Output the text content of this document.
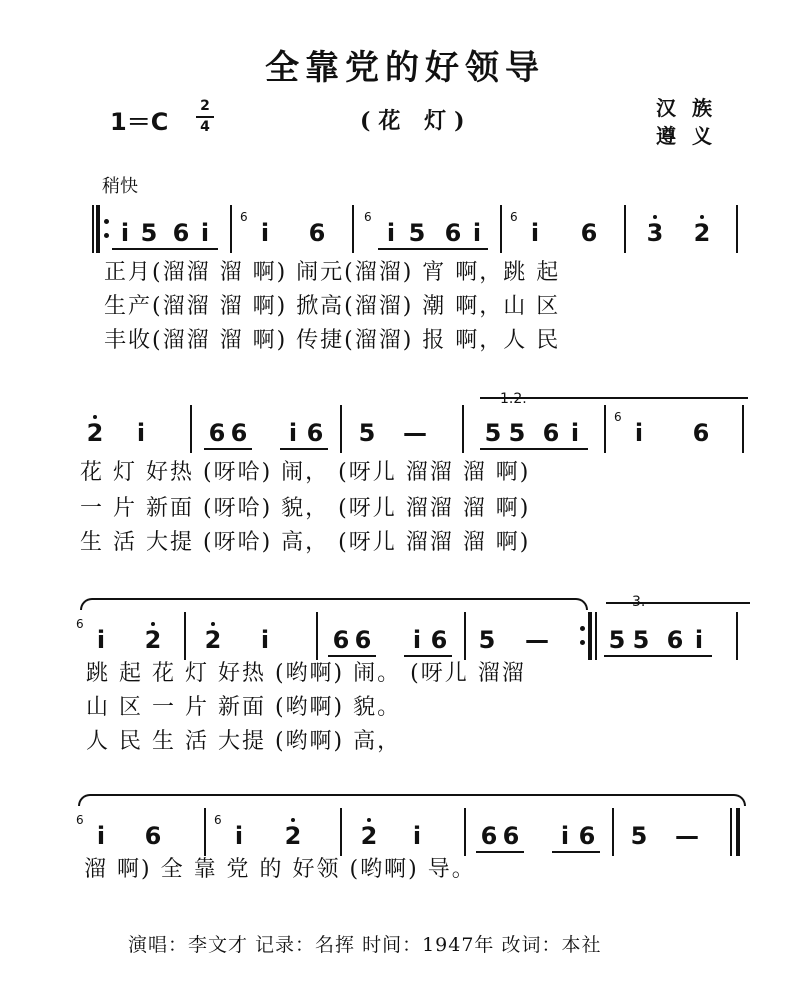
全靠党的好领导
1＝C
2
4	(花 灯)	汉族
遵义
稍快
i 5 6 i
6
i	6
6
i 5 6 i
6
i	6 3 2
正月(溜溜 溜 啊) 闹元(溜溜) 宵 啊，跳 起
生产(溜溜 溜 啊) 掀高(溜溜) 潮 啊，山 区
丰收(溜溜 溜 啊) 传捷(溜溜) 报 啊，人 民
1.2.
2	i	6 6	i 6 5 — 5 5 6 i
6
i	6
花 灯 好热 (呀哈) 闹， (呀儿 溜溜 溜 啊)
一 片 新面 (呀哈) 貌， (呀儿 溜溜 溜 啊)
生 活 大提 (呀哈) 高， (呀儿 溜溜 溜 啊)
3.
6
i	2 2	i	6 6	i 6 5 — 5 5 6 i
跳 起 花 灯 好热 (哟啊) 闹。 (呀儿 溜溜
山 区 一 片 新面 (哟啊) 貌。
人 民 生 活 大提 (哟啊) 高，
6
i	6
6
i	2 2	i	6 6	i 6 5 —
溜 啊) 全 靠 党 的 好领 (哟啊) 导。
演唱：李文才 记录：名挥 时间：1947年 改词：本社
